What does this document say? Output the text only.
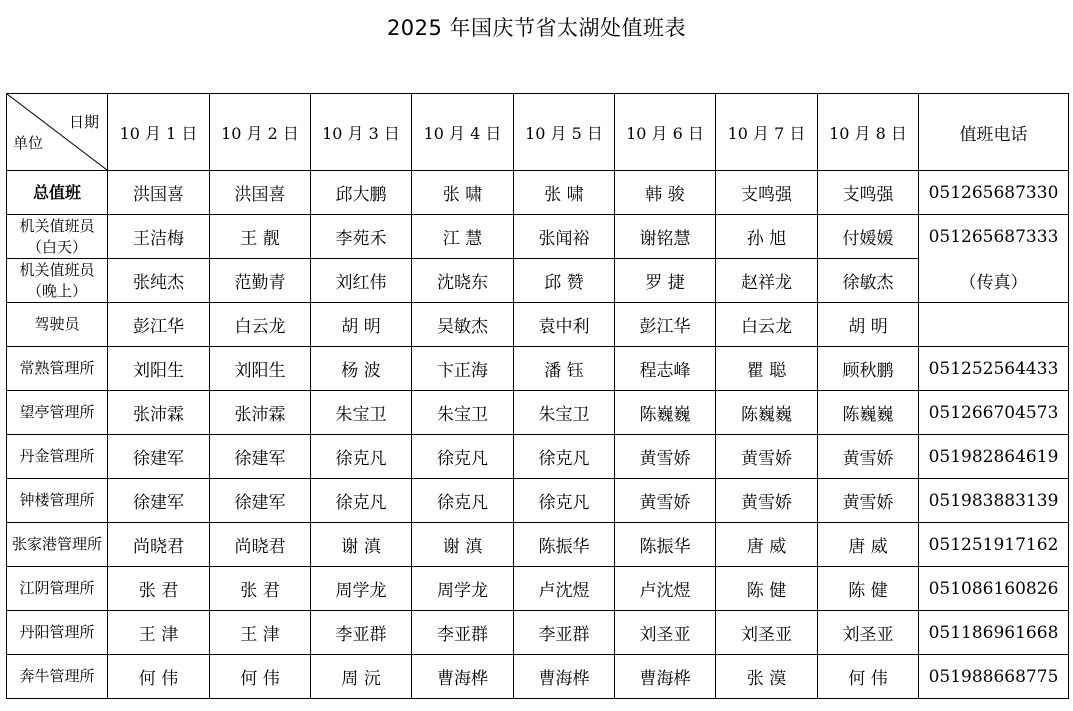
2025 年国庆节省太湖处值班表
日期
单位	10 月 1 日	10 月 2 日	10 月 3 日	10 月 4 日	10 月 5 日	10 月 6 日	10 月 7 日	10 月 8 日	值班电话
总值班	洪国喜	洪国喜	邱大鹏	张 啸	张 啸	韩 骏	支鸣强	支鸣强	051265687330
机关值班员（白天）	王洁梅	王 靓	李苑禾	江 慧	张闻裕	谢铭慧	孙 旭	付媛媛	051265687333
机关值班员（晚上）	张纯杰	范勤青	刘红伟	沈晓东	邱 赞	罗 捷	赵祥龙	徐敏杰	（传真）
驾驶员	彭江华	白云龙	胡 明	吴敏杰	袁中利	彭江华	白云龙	胡 明	
常熟管理所	刘阳生	刘阳生	杨 波	卞正海	潘 钰	程志峰	瞿 聪	顾秋鹏	051252564433
望亭管理所	张沛霖	张沛霖	朱宝卫	朱宝卫	朱宝卫	陈巍巍	陈巍巍	陈巍巍	051266704573
丹金管理所	徐建军	徐建军	徐克凡	徐克凡	徐克凡	黄雪娇	黄雪娇	黄雪娇	051982864619
钟楼管理所	徐建军	徐建军	徐克凡	徐克凡	徐克凡	黄雪娇	黄雪娇	黄雪娇	051983883139
张家港管理所	尚晓君	尚晓君	谢 滇	谢 滇	陈振华	陈振华	唐 威	唐 威	051251917162
江阴管理所	张 君	张 君	周学龙	周学龙	卢沈煜	卢沈煜	陈 健	陈 健	051086160826
丹阳管理所	王 津	王 津	李亚群	李亚群	李亚群	刘圣亚	刘圣亚	刘圣亚	051186961668
奔牛管理所	何 伟	何 伟	周 沅	曹海桦	曹海桦	曹海桦	张 漠	何 伟	051988668775
